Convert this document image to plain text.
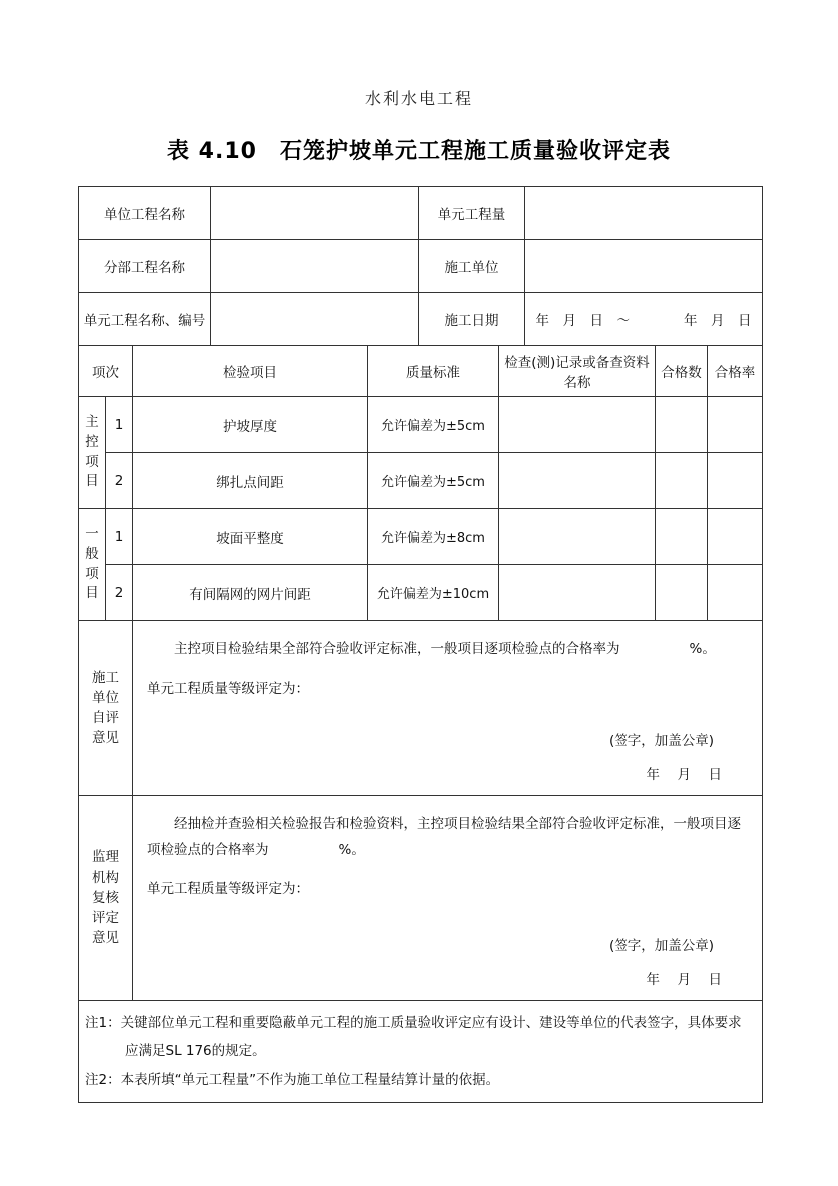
水利水电工程
表 4.10　石笼护坡单元工程施工质量验收评定表
单位工程名称		单元工程量	
分部工程名称		施工单位	
单元工程名称、编号		施工日期	年　月　日　～　　　　年　月　日
项次		检验项目	质量标准	检查(测)记录或备查资料名称	合格数	合格率

主控项目	1	护坡厚度	允许偏差为±5cm			
	2	绑扎点间距	允许偏差为±5cm			

一般项目	1	坡面平整度	允许偏差为±8cm			
	2	有间隔网的网片间距	允许偏差为±10cm			
施工单位自评意见

主控项目检验结果全部符合验收评定标准，一般项目逐项检验点的合格率为	%。

单元工程质量等级评定为：

(签字，加盖公章)
年　月　日
监理机构复核评定意见

经抽检并查验相关检验报告和检验资料，主控项目检验结果全部符合验收评定标准，一般项目逐项检验点的合格率为	%。

单元工程质量等级评定为：

(签字，加盖公章)
年　月　日

注1：关键部位单元工程和重要隐蔽单元工程的施工质量验收评定应有设计、建设等单位的代表签字，具体要求应满足SL 176的规定。

注2：本表所填“单元工程量”不作为施工单位工程量结算计量的依据。
